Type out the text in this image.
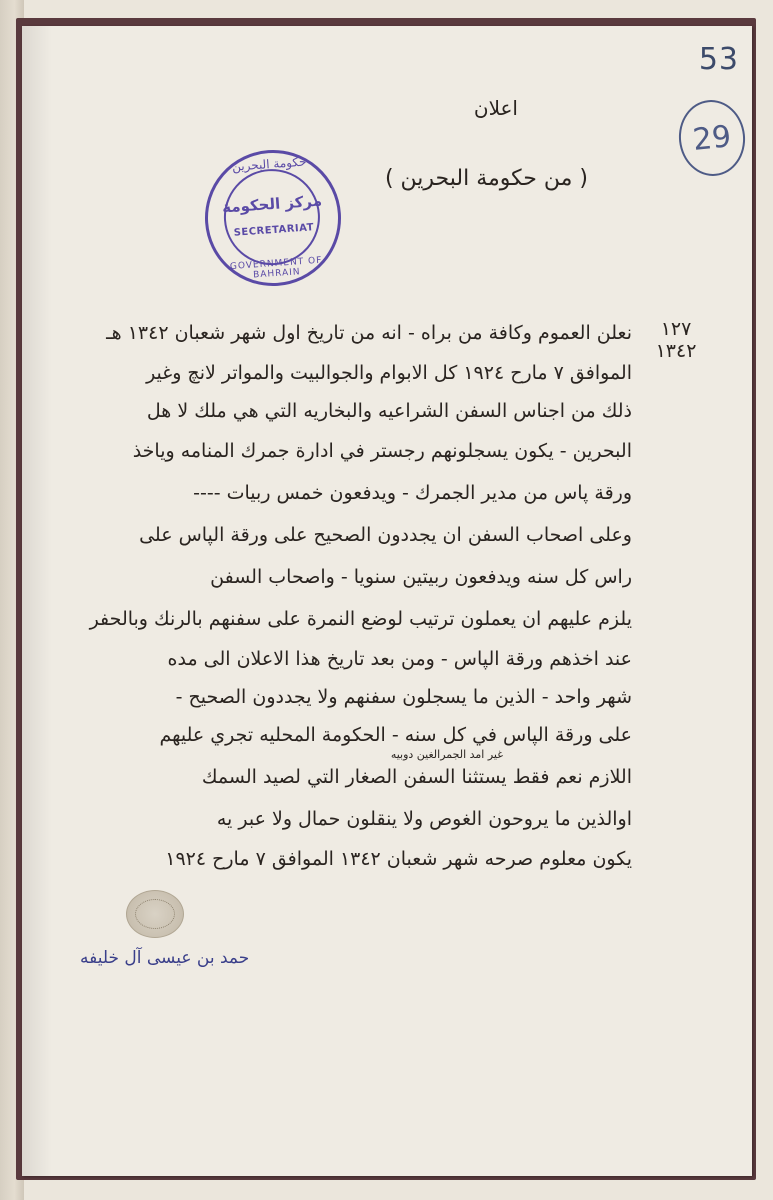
53
29
اعلان
( من حكومة البحرين )
حكومة البحرين
مركز الحكومة
SECRETARIAT
GOVERNMENT OF BAHRAIN
١٢٧
١٣٤٢
نعلن العموم وكافة من براه - انه من تاريخ اول شهر شعبان ١٣٤٢ هـ
الموافق ٧ مارح ١٩٢٤ كل الابوام والجوالبيت والمواتر لانچ وغير
ذلك من اجناس السفن الشراعيه والبخاريه التي هي ملك لا هل
البحرين - يكون يسجلونهم رجستر في ادارة جمرك المنامه وياخذ
ورقة پاس من مدير الجمرك - ويدفعون خمس ربيات ----
وعلى اصحاب السفن ان يجددون الصحيح على ورقة الپاس على
راس كل سنه ويدفعون ربيتين سنويا - واصحاب السفن
يلزم عليهم ان يعملون ترتيب لوضع النمرة على سفنهم بالرنك وبالحفر
عند اخذهم ورقة الپاس - ومن بعد تاريخ هذا الاعلان الى مده
شهر واحد - الذين ما يسجلون سفنهم ولا يجددون الصحيح -
على ورقة الپاس في كل سنه - الحكومة المحليه تجري عليهم
اللازم نعم فقط يستثنا السفن الصغار التي لصيد السمك
اوالذين ما يروحون الغوص ولا ينقلون حمال ولا عبر يه
يكون معلوم صرحه شهر شعبان ١٣٤٢ الموافق ٧ مارح ١٩٢٤
غير امد الجمرالغين دوبيه
حمد بن عيسى آل خليفه
